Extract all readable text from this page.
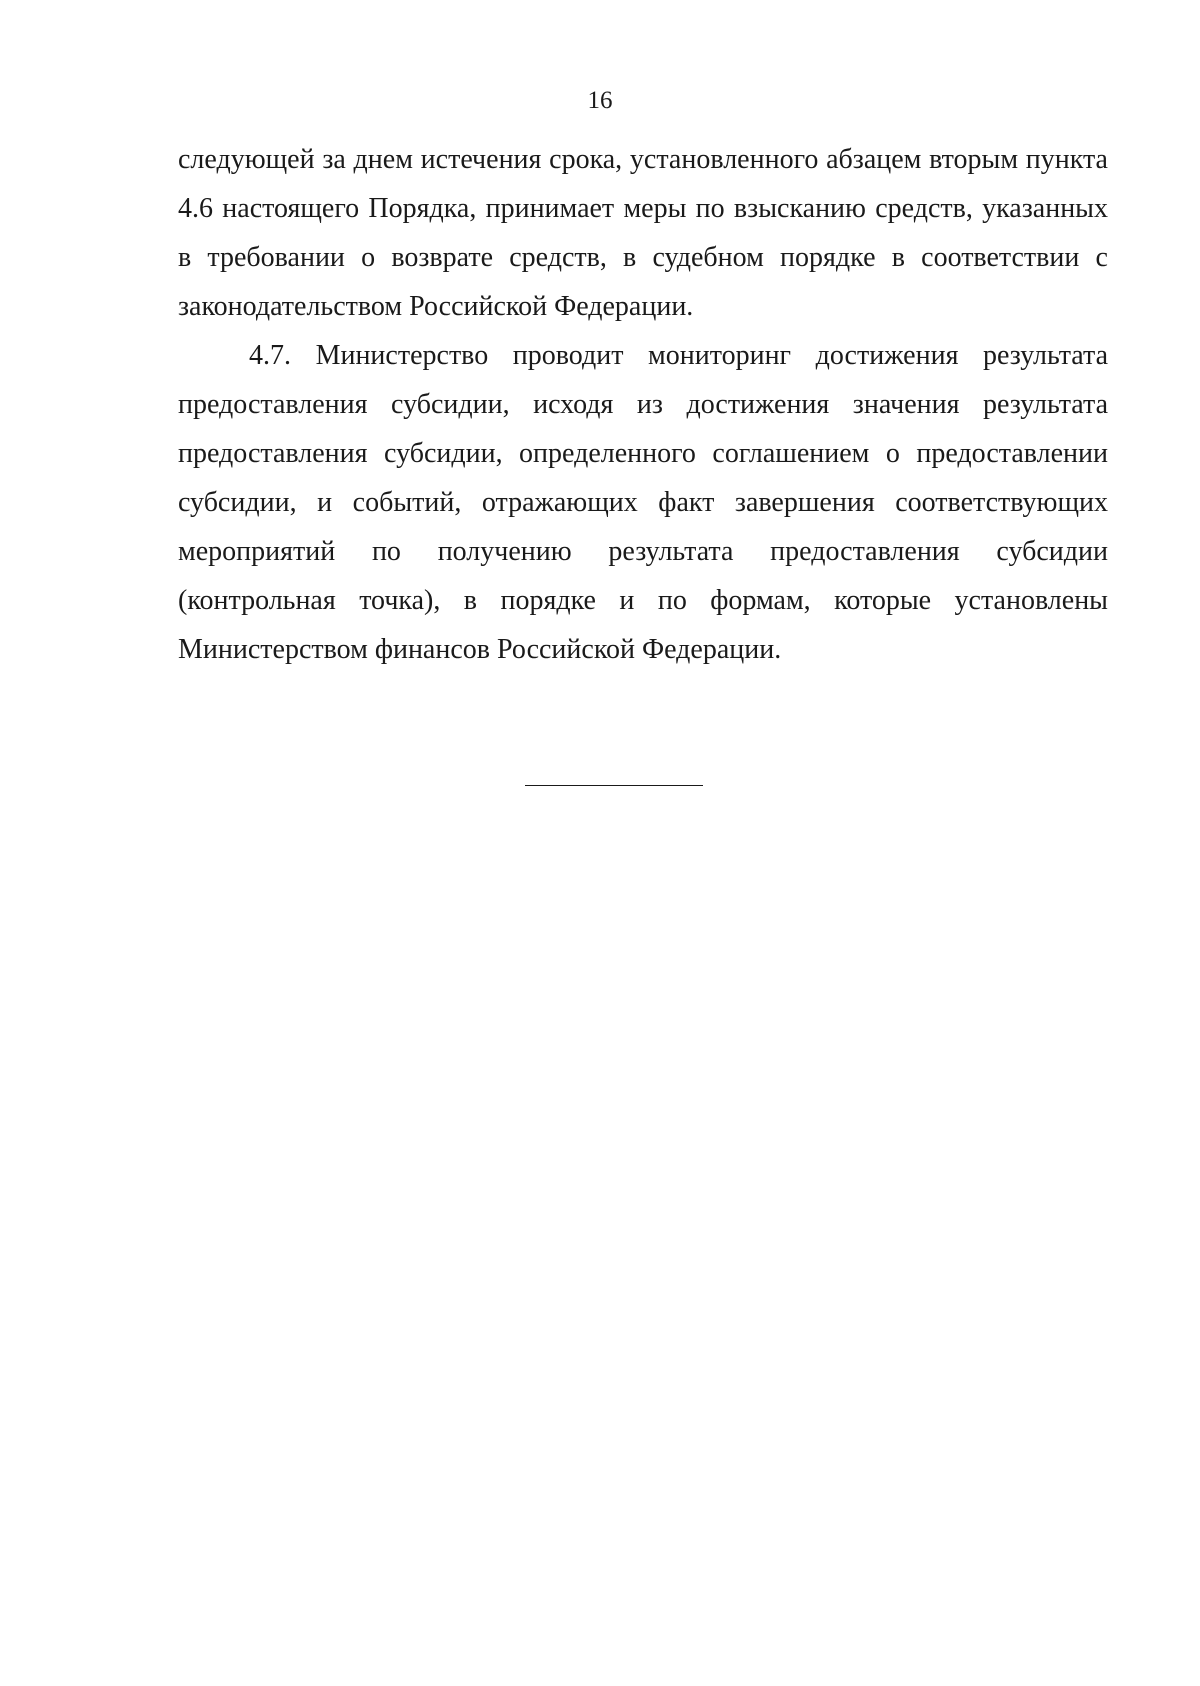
16

следующей за днем истечения срока, установленного абзацем вторым пункта 4.6 настоящего Порядка, принимает меры по взысканию средств, указанных в требовании о возврате средств, в судебном порядке в соответствии с законодательством Российской Федерации.

4.7. Министерство проводит мониторинг достижения результата предоставления субсидии, исходя из достижения значения результата предоставления субсидии, определенного соглашением о предоставлении субсидии, и событий, отражающих факт завершения соответствующих мероприятий по получению результата предоставления субсидии (контрольная точка), в порядке и по формам, которые установлены Министерством финансов Российской Федерации.
